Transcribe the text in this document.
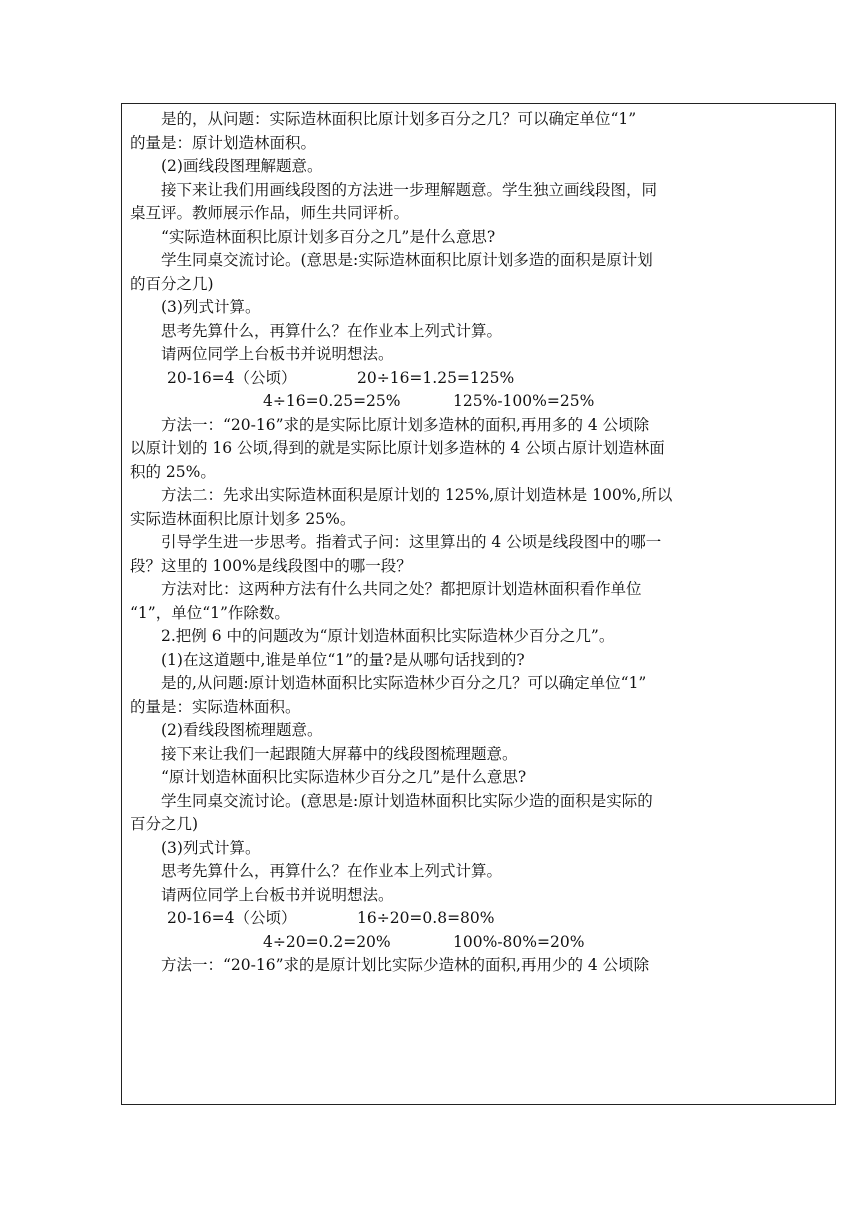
是的，从问题：实际造林面积比原计划多百分之几？可以确定单位“1”

的量是：原计划造林面积。

(2)画线段图理解题意。

接下来让我们用画线段图的方法进一步理解题意。学生独立画线段图，同

桌互评。教师展示作品，师生共同评析。

“实际造林面积比原计划多百分之几”是什么意思?

学生同桌交流讨论。(意思是:实际造林面积比原计划多造的面积是原计划

的百分之几)

(3)列式计算。

思考先算什么，再算什么？在作业本上列式计算。

请两位同学上台板书并说明想法。

20-16=4（公顷）	20÷16=1.25=125%
4÷16=0.25=25%	125%-100%=25%

方法一：“20-16”求的是实际比原计划多造林的面积,再用多的 4 公顷除

以原计划的 16 公顷,得到的就是实际比原计划多造林的 4 公顷占原计划造林面

积的 25%。

方法二：先求出实际造林面积是原计划的 125%,原计划造林是 100%,所以

实际造林面积比原计划多 25%。

引导学生进一步思考。指着式子问：这里算出的 4 公顷是线段图中的哪一

段？这里的 100%是线段图中的哪一段？

方法对比：这两种方法有什么共同之处？都把原计划造林面积看作单位

“1”，单位“1”作除数。

2.把例 6 中的问题改为“原计划造林面积比实际造林少百分之几”。

(1)在这道题中,谁是单位“1”的量?是从哪句话找到的?

是的,从问题:原计划造林面积比实际造林少百分之几？可以确定单位“1”

的量是：实际造林面积。

(2)看线段图梳理题意。

接下来让我们一起跟随大屏幕中的线段图梳理题意。

“原计划造林面积比实际造林少百分之几”是什么意思?

学生同桌交流讨论。(意思是:原计划造林面积比实际少造的面积是实际的

百分之几)

(3)列式计算。

思考先算什么，再算什么？在作业本上列式计算。

请两位同学上台板书并说明想法。

20-16=4（公顷）	16÷20=0.8=80%
4÷20=0.2=20%	100%-80%=20%

方法一：“20-16”求的是原计划比实际少造林的面积,再用少的 4 公顷除
